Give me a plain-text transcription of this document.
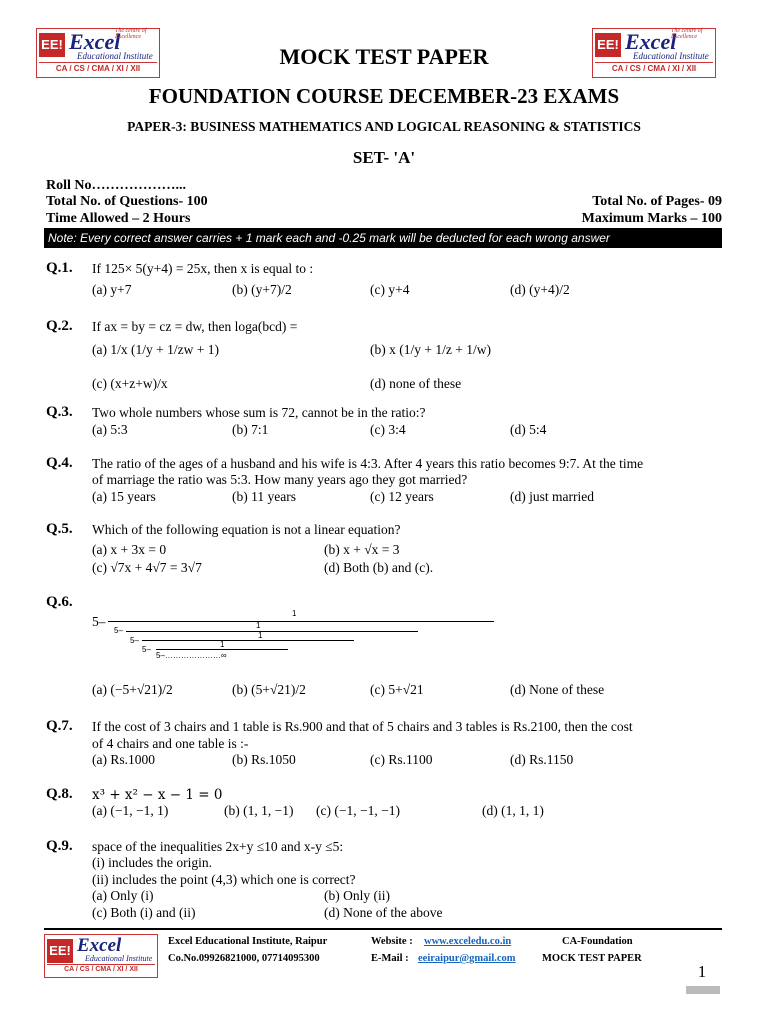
EE! Excel
The centre of Excellence
Educational Institute
CA / CS / CMA / XI / XII
EE! Excel
The centre of Excellence
Educational Institute
CA / CS / CMA / XI / XII
MOCK TEST PAPER
FOUNDATION COURSE DECEMBER-23 EXAMS
PAPER-3: BUSINESS MATHEMATICS AND LOGICAL REASONING & STATISTICS
SET- 'A'
Roll No………………...
Total No. of Questions- 100	Total No. of Pages- 09
Time Allowed – 2 Hours	Maximum Marks – 100
Note: Every correct answer carries + 1 mark each and -0.25 mark will be deducted for each wrong answer
Q.1. If 125× 5(y+4) = 25x, then x is equal to :
(a) y+7	(b) (y+7)/2	(c) y+4	(d) (y+4)/2
Q.2. If ax = by = cz = dw, then loga(bcd) =
(a) 1/x (1/y + 1/zw + 1)	(b) x (1/y + 1/z + 1/w)
(c) (x+z+w)/x	(d) none of these
Q.3. Two whole numbers whose sum is 72, cannot be in the ratio:?
(a) 5:3	(b) 7:1	(c) 3:4	(d) 5:4
Q.4. The ratio of the ages of a husband and his wife is 4:3. After 4 years this ratio becomes 9:7. At the time
of marriage the ratio was 5:3. How many years ago they got married?
(a) 15 years	(b) 11 years	(c) 12 years	(d) just married
Q.5. Which of the following equation is not a linear equation?
(a) x + 3x = 0	(b) x + √x = 3
(c) √7x + 4√7 = 3√7	(d) Both (b) and (c).
Q.6.
5–
1
5–
1
5–
1
5–
1
5–…………………∞
(a) (−5+√21)/2	(b) (5+√21)/2	(c) 5+√21	(d) None of these
Q.7. If the cost of 3 chairs and 1 table is Rs.900 and that of 5 chairs and 3 tables is Rs.2100, then the cost
of 4 chairs and one table is :-
(a) Rs.1000	(b) Rs.1050	(c) Rs.1100	(d) Rs.1150
Q.8. x³ + x² − x − 1 = 0
(a) (−1, −1, 1)	(b) (1, 1, −1) (c) (−1, −1, −1)	(d) (1, 1, 1)
Q.9. space of the inequalities 2x+y ≤10 and x-y ≤5:
(i) includes the origin.
(ii) includes the point (4,3) which one is correct?
(a) Only (i)	(b) Only (ii)
(c) Both (i) and (ii)	(d) None of the above
EE! Excel
Educational Institute
CA / CS / CMA / XI / XII
Excel Educational Institute, Raipur
Co.No.09926821000, 07714095300
Website : www.exceledu.co.in
E-Mail : eeiraipur@gmail.com
CA-Foundation
MOCK TEST PAPER
1
